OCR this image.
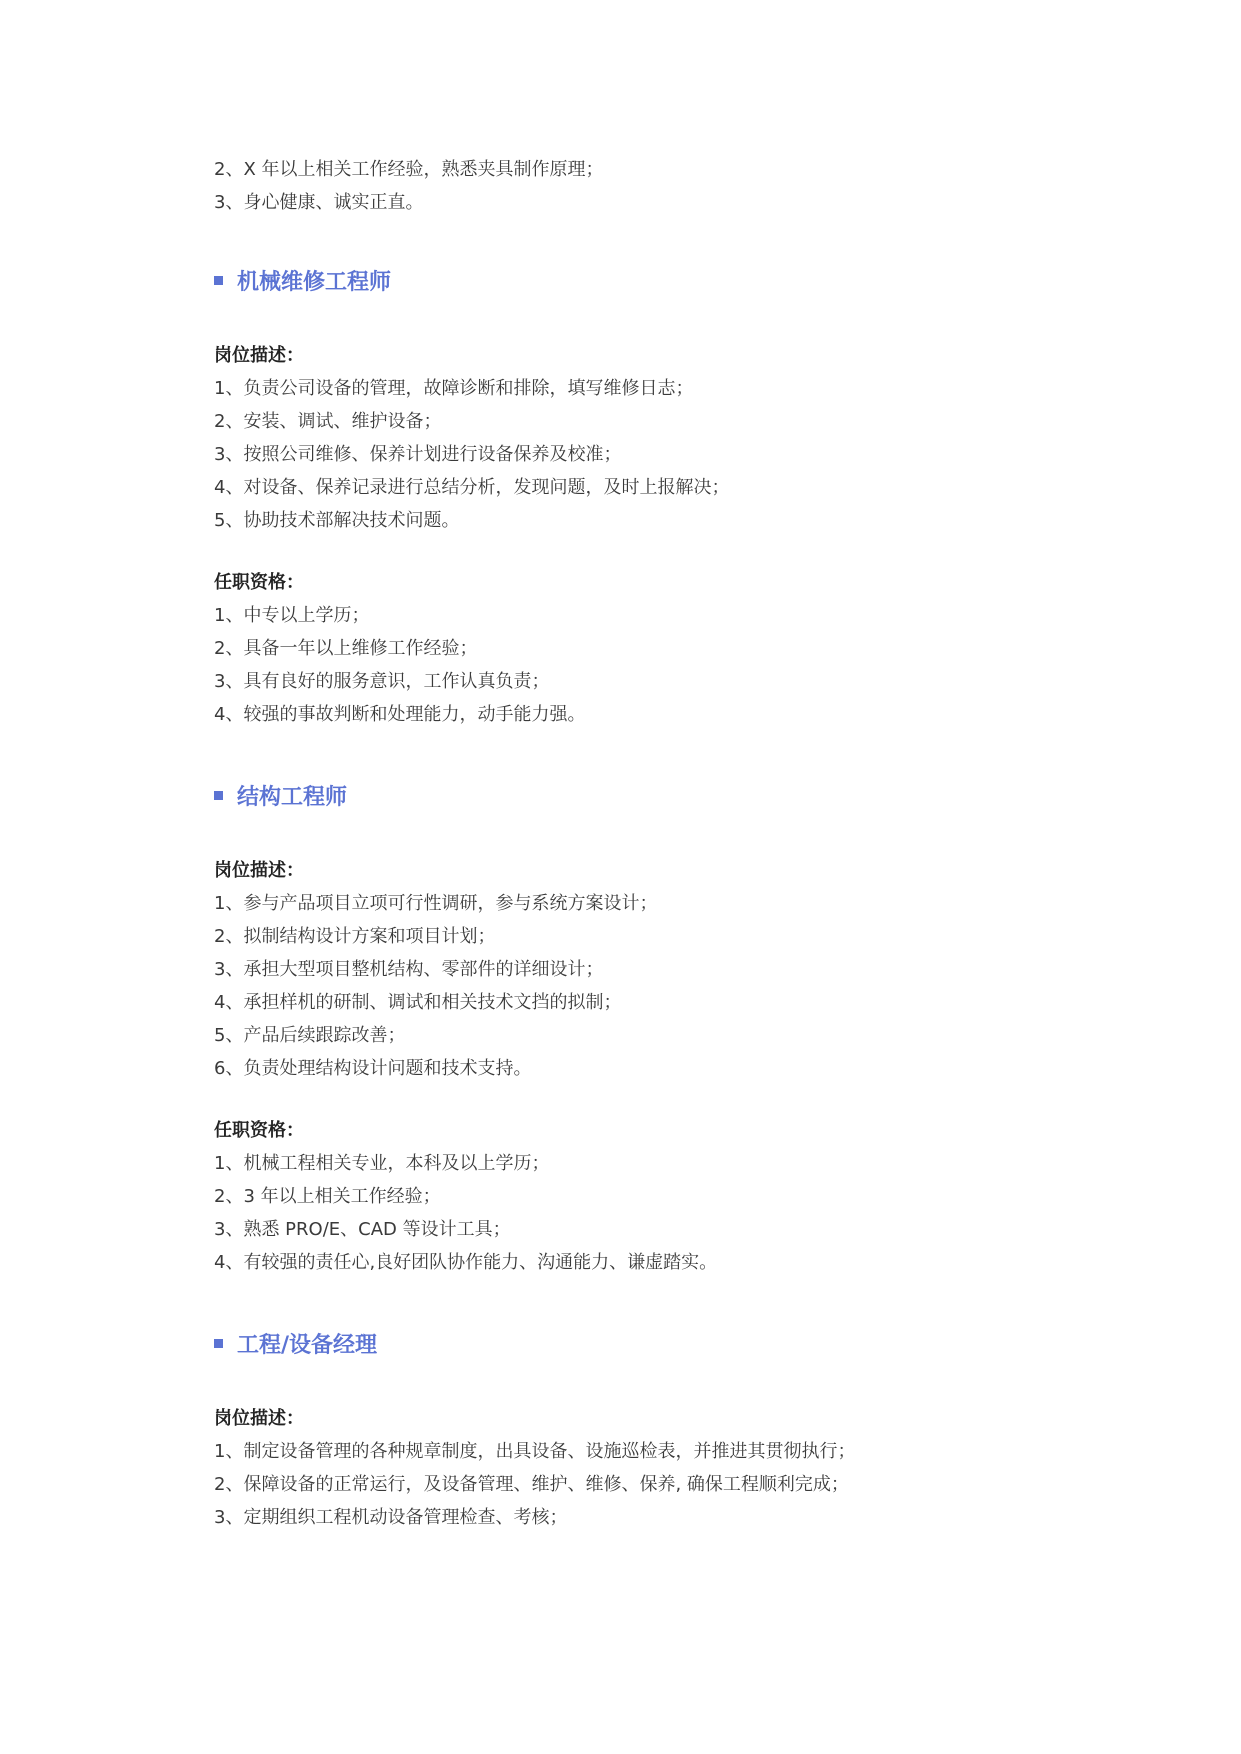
2、X 年以上相关工作经验，熟悉夹具制作原理；
3、身心健康、诚实正直。
机械维修工程师
岗位描述：
1、负责公司设备的管理，故障诊断和排除，填写维修日志；
2、安装、调试、维护设备；
3、按照公司维修、保养计划进行设备保养及校准；
4、对设备、保养记录进行总结分析，发现问题，及时上报解决；
5、协助技术部解决技术问题。
任职资格：
1、中专以上学历；
2、具备一年以上维修工作经验；
3、具有良好的服务意识，工作认真负责；
4、较强的事故判断和处理能力，动手能力强。
结构工程师
岗位描述：
1、参与产品项目立项可行性调研，参与系统方案设计；
2、拟制结构设计方案和项目计划；
3、承担大型项目整机结构、零部件的详细设计；
4、承担样机的研制、调试和相关技术文挡的拟制；
5、产品后续跟踪改善；
6、负责处理结构设计问题和技术支持。
任职资格：
1、机械工程相关专业，本科及以上学历；
2、3 年以上相关工作经验；
3、熟悉 PRO/E、CAD 等设计工具；
4、有较强的责任心,良好团队协作能力、沟通能力、谦虚踏实。
工程/设备经理
岗位描述：
1、制定设备管理的各种规章制度，出具设备、设施巡检表，并推进其贯彻执行；
2、保障设备的正常运行，及设备管理、维护、维修、保养, 确保工程顺利完成；
3、定期组织工程机动设备管理检查、考核；
